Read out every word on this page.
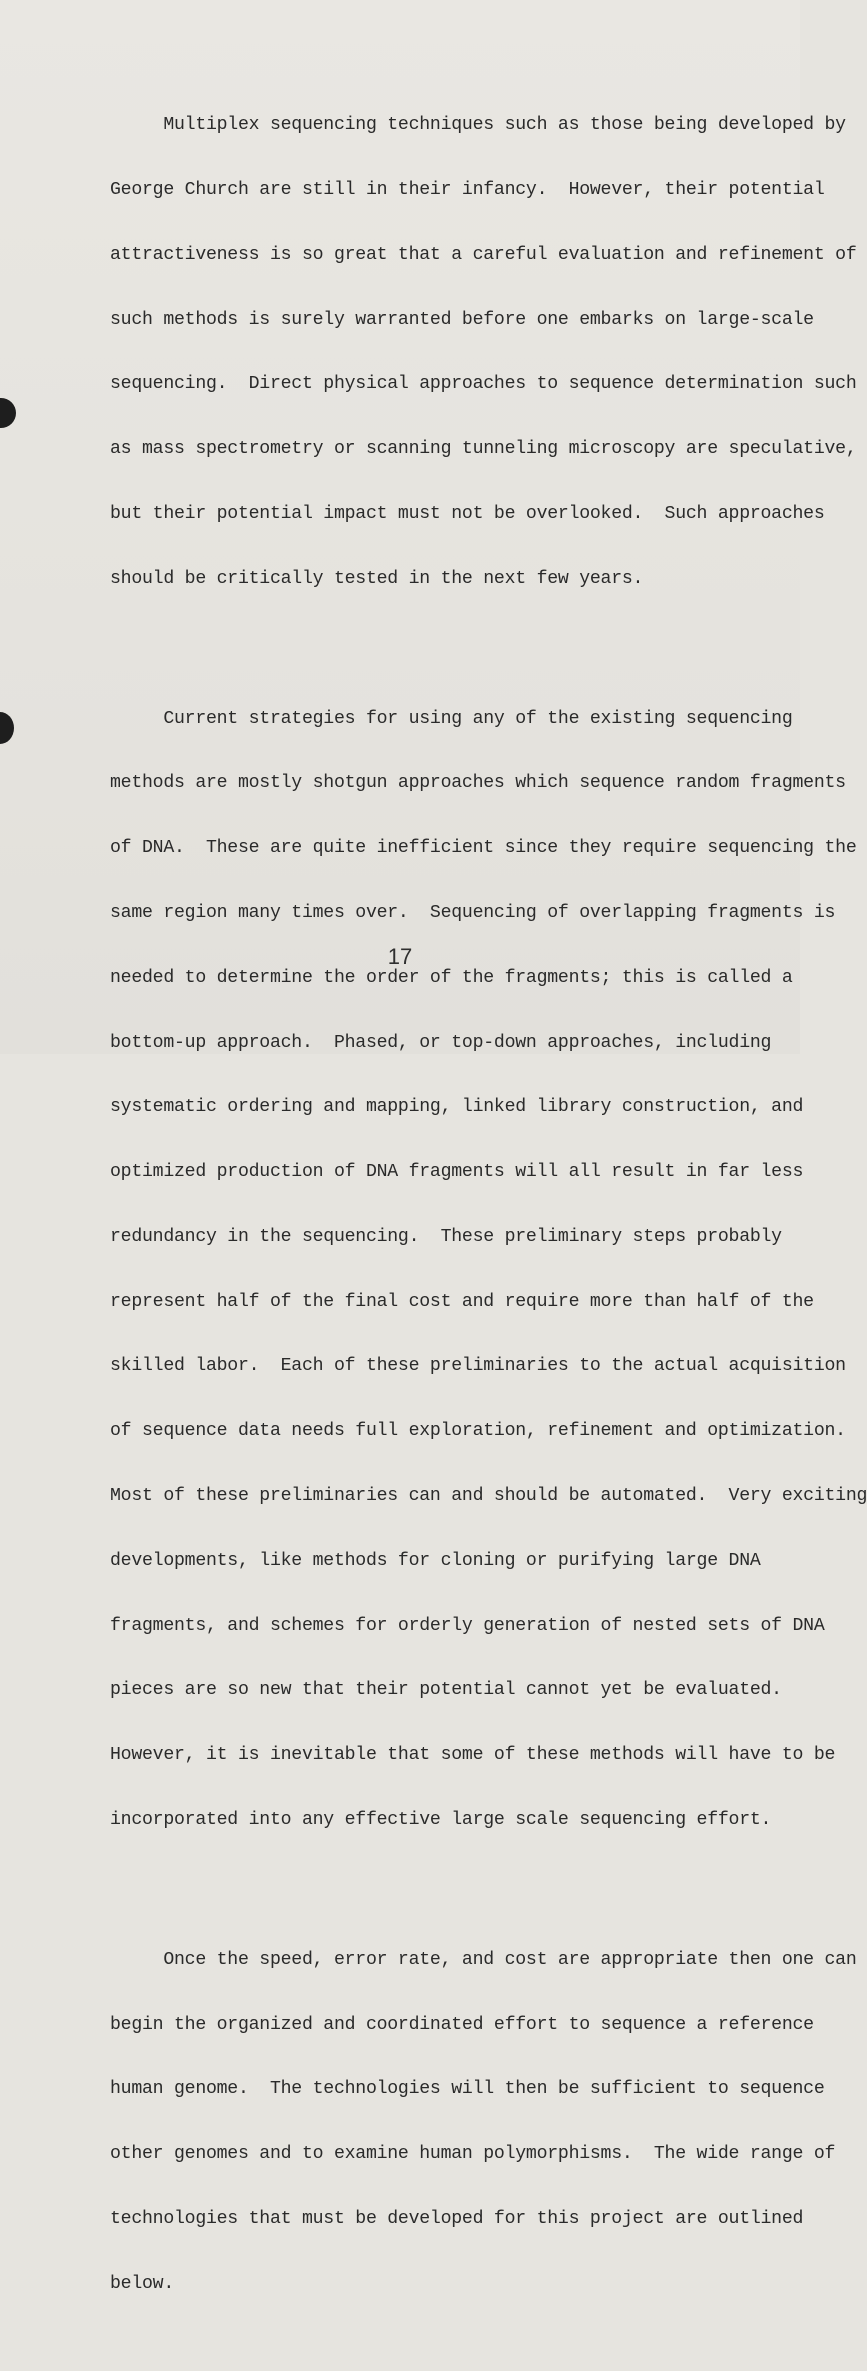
Multiplex sequencing techniques such as those being developed by

George Church are still in their infancy.  However, their potential

attractiveness is so great that a careful evaluation and refinement of

such methods is surely warranted before one embarks on large-scale

sequencing.  Direct physical approaches to sequence determination such

as mass spectrometry or scanning tunneling microscopy are speculative,

but their potential impact must not be overlooked.  Such approaches

should be critically tested in the next few years.

Current strategies for using any of the existing sequencing

methods are mostly shotgun approaches which sequence random fragments

of DNA.  These are quite inefficient since they require sequencing the

same region many times over.  Sequencing of overlapping fragments is

needed to determine the order of the fragments; this is called a

bottom-up approach.  Phased, or top-down approaches, including

systematic ordering and mapping, linked library construction, and

optimized production of DNA fragments will all result in far less

redundancy in the sequencing.  These preliminary steps probably

represent half of the final cost and require more than half of the

skilled labor.  Each of these preliminaries to the actual acquisition

of sequence data needs full exploration, refinement and optimization.

Most of these preliminaries can and should be automated.  Very exciting

developments, like methods for cloning or purifying large DNA

fragments, and schemes for orderly generation of nested sets of DNA

pieces are so new that their potential cannot yet be evaluated.

However, it is inevitable that some of these methods will have to be

incorporated into any effective large scale sequencing effort.

Once the speed, error rate, and cost are appropriate then one can

begin the organized and coordinated effort to sequence a reference

human genome.  The technologies will then be sufficient to sequence

other genomes and to examine human polymorphisms.  The wide range of

technologies that must be developed for this project are outlined

below.

17
